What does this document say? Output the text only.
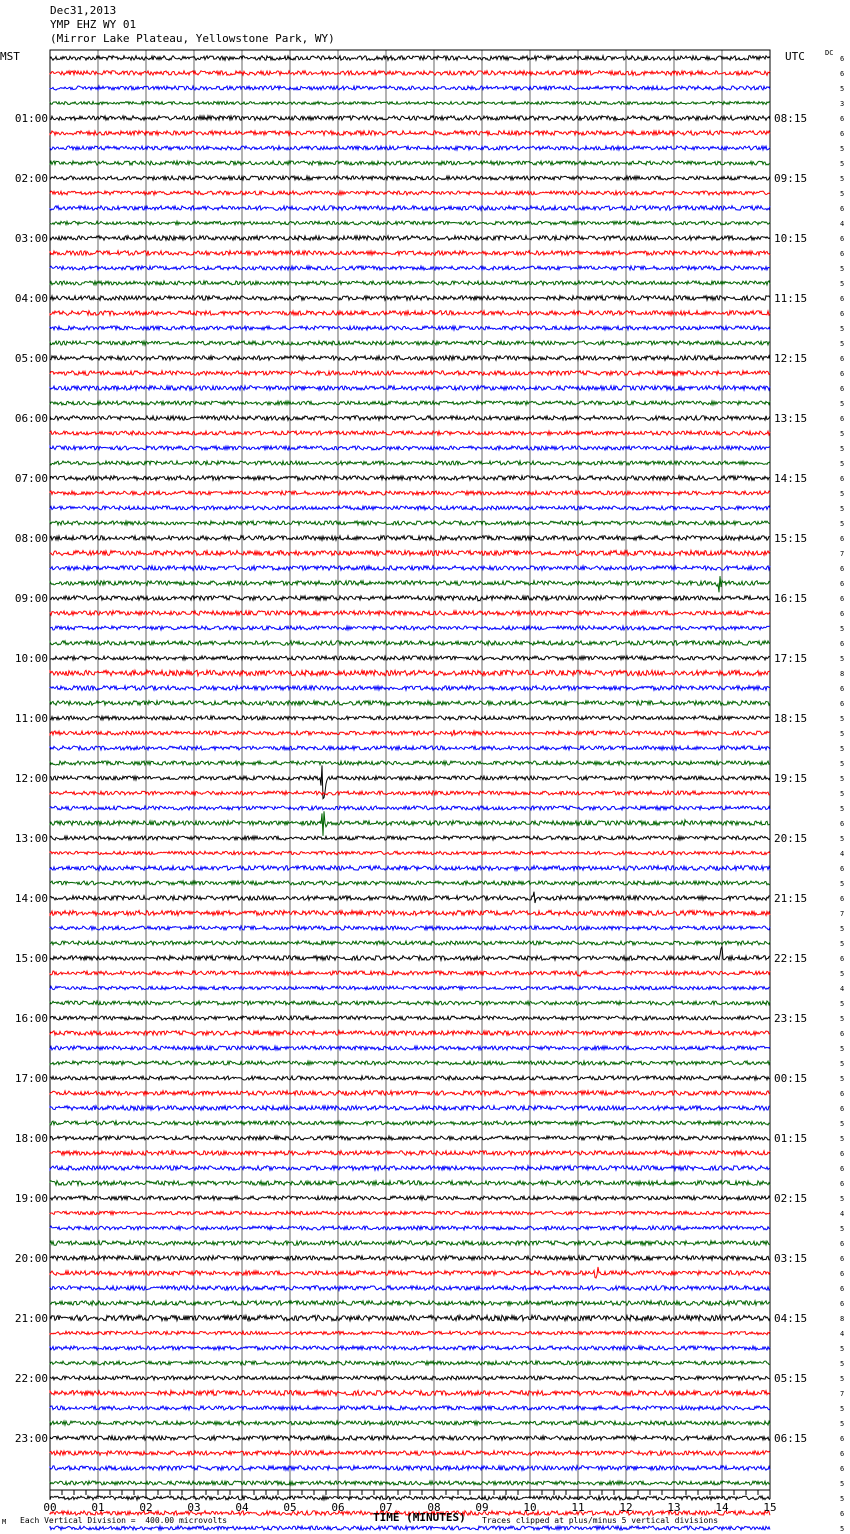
Dec31,2013
YMP EHZ WY 01
(Mirror Lake Plateau, Yellowstone Park, WY)
MST	UTC	DC
6
6
5
3
6
6
5
5
5
5
6
4
6
6
5
5
6
6
5
5
6
6
6
5
6
5
5
5
6
5
5
5
6
7
6
6
6
6
5
6
5
8
6
6
5
5
5
5
5
5
5
6
5
4
6
5
6
7
5
5
6
5
4
5
5
6
5
5
5
6
6
5
5
6
6
6
5
4
5
6
6
6
6
6
8
4
5
5
5
7
5
5
6
6
6
5
5
6
5
01:00
02:00
03:00
04:00
05:00
06:00
07:00
08:00
09:00
10:00
11:00
12:00
13:00
14:00
15:00
16:00
17:00
18:00
19:00
20:00
21:00
22:00
23:00
08:15
09:15
10:15
11:15
12:15
13:15
14:15
15:15
16:15
17:15
18:15
19:15
20:15
21:15
22:15
23:15
00:15
01:15
02:15
03:15
04:15
05:15
06:15
00	01	02	03	04	05	06	07	08	09	10	11	12	13	14	15
M Each Vertical Division =  400.00 microvolts	TIME (MINUTES) Traces clipped at plus/minus 5 vertical divisions
